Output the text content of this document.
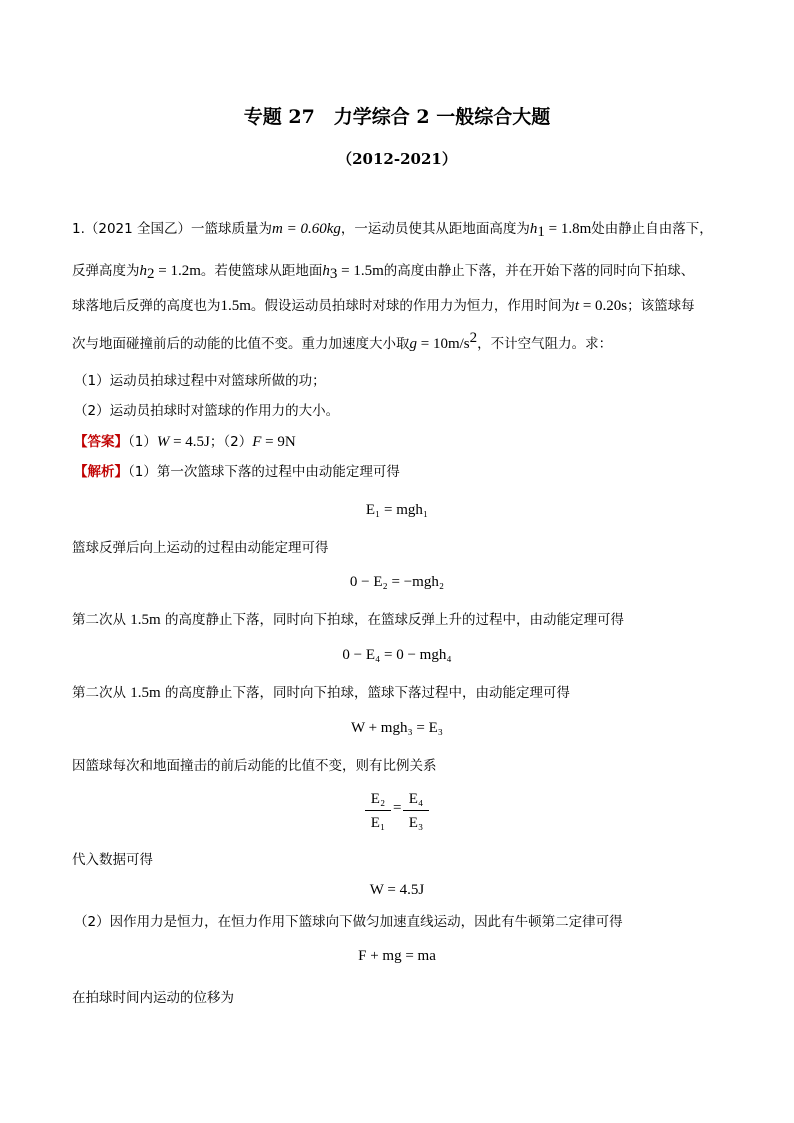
专题 27　力学综合 2 一般综合大题
（2012-2021）
1.（2021 全国乙）一篮球质量为m = 0.60kg，一运动员使其从距地面高度为$h_1 = 1.8m$处由静止自由落下，
反弹高度为$h_2 = 1.2m$。若使篮球从距地面$h_3 = 1.5m$的高度由静止下落，并在开始下落的同时向下拍球、
球落地后反弹的高度也为1.5m。假设运动员拍球时对球的作用力为恒力，作用时间为t = 0.20s；该篮球每
次与地面碰撞前后的动能的比值不变。重力加速度大小取$g = 10m/s^2$，不计空气阻力。求：
（1）运动员拍球过程中对篮球所做的功；
（2）运动员拍球时对篮球的作用力的大小。
【答案】（1）W = 4.5J；（2）F = 9N
【解析】（1）第一次篮球下落的过程中由动能定理可得
E₁ = mgh₁
篮球反弹后向上运动的过程由动能定理可得
0 − E₂ = −mgh₂
第二次从 1.5m 的高度静止下落，同时向下拍球，在篮球反弹上升的过程中，由动能定理可得
0 − E₄ = 0 − mgh₄
第二次从 1.5m 的高度静止下落，同时向下拍球，篮球下落过程中，由动能定理可得
W + mgh₃ = E₃
因篮球每次和地面撞击的前后动能的比值不变，则有比例关系
$\frac{\text{E₂}}{\text{E₁}} = \frac{\text{E₄}}{\text{E₃}}$
代入数据可得
W = 4.5J
（2）因作用力是恒力，在恒力作用下篮球向下做匀加速直线运动，因此有牛顿第二定律可得
F + mg = ma
在拍球时间内运动的位移为
